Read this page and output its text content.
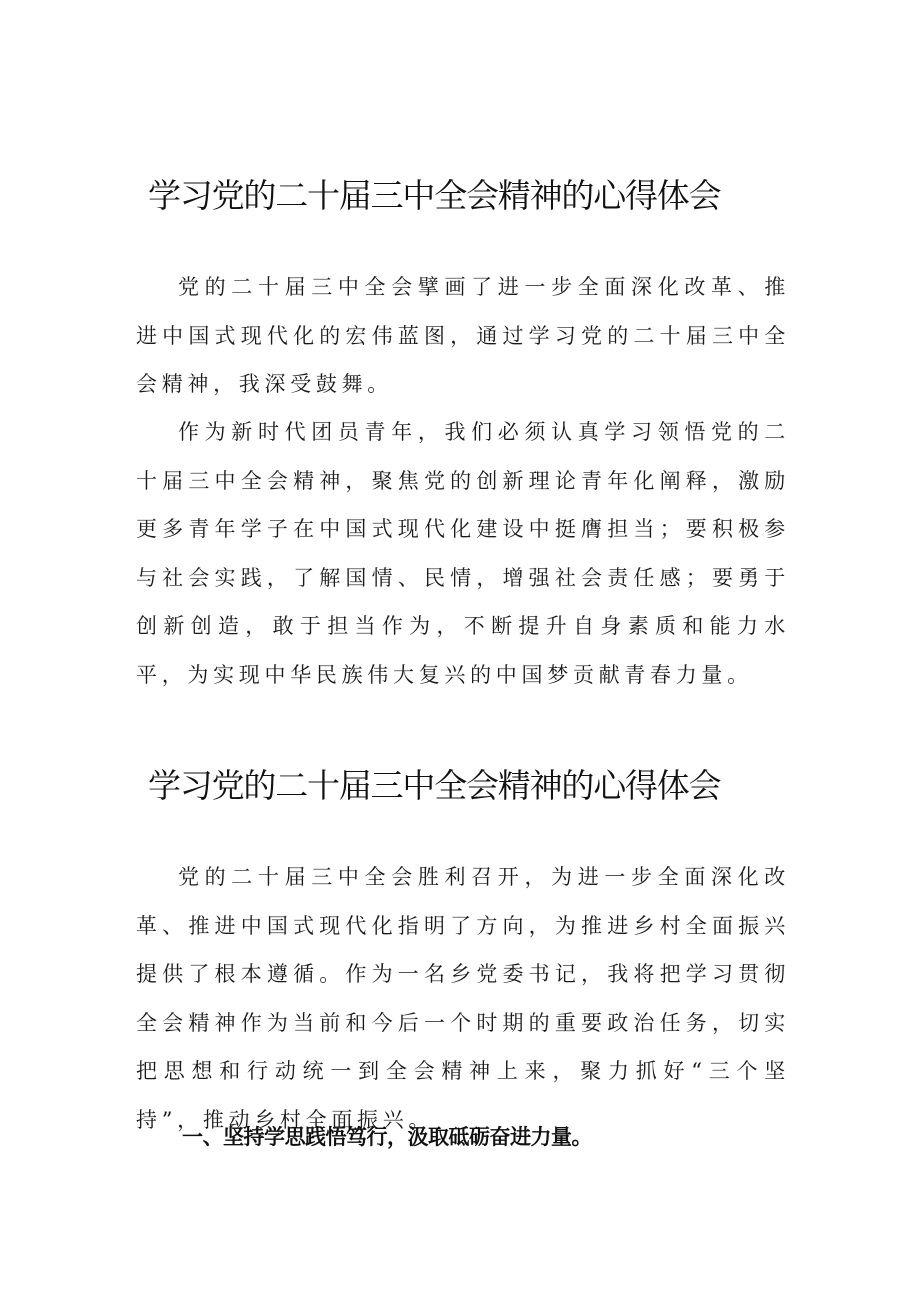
学习党的二十届三中全会精神的心得体会

党的二十届三中全会擘画了进一步全面深化改革、推进中国式现代化的宏伟蓝图，通过学习党的二十届三中全会精神，我深受鼓舞。

作为新时代团员青年，我们必须认真学习领悟党的二十届三中全会精神，聚焦党的创新理论青年化阐释，激励更多青年学子在中国式现代化建设中挺膺担当；要积极参与社会实践，了解国情、民情，增强社会责任感；要勇于创新创造，敢于担当作为，不断提升自身素质和能力水平，为实现中华民族伟大复兴的中国梦贡献青春力量。

学习党的二十届三中全会精神的心得体会

党的二十届三中全会胜利召开，为进一步全面深化改革、推进中国式现代化指明了方向，为推进乡村全面振兴提供了根本遵循。作为一名乡党委书记，我将把学习贯彻全会精神作为当前和今后一个时期的重要政治任务，切实把思想和行动统一到全会精神上来，聚力抓好“三个坚持”，推动乡村全面振兴。

一、坚持学思践悟笃行，汲取砥砺奋进力量。
